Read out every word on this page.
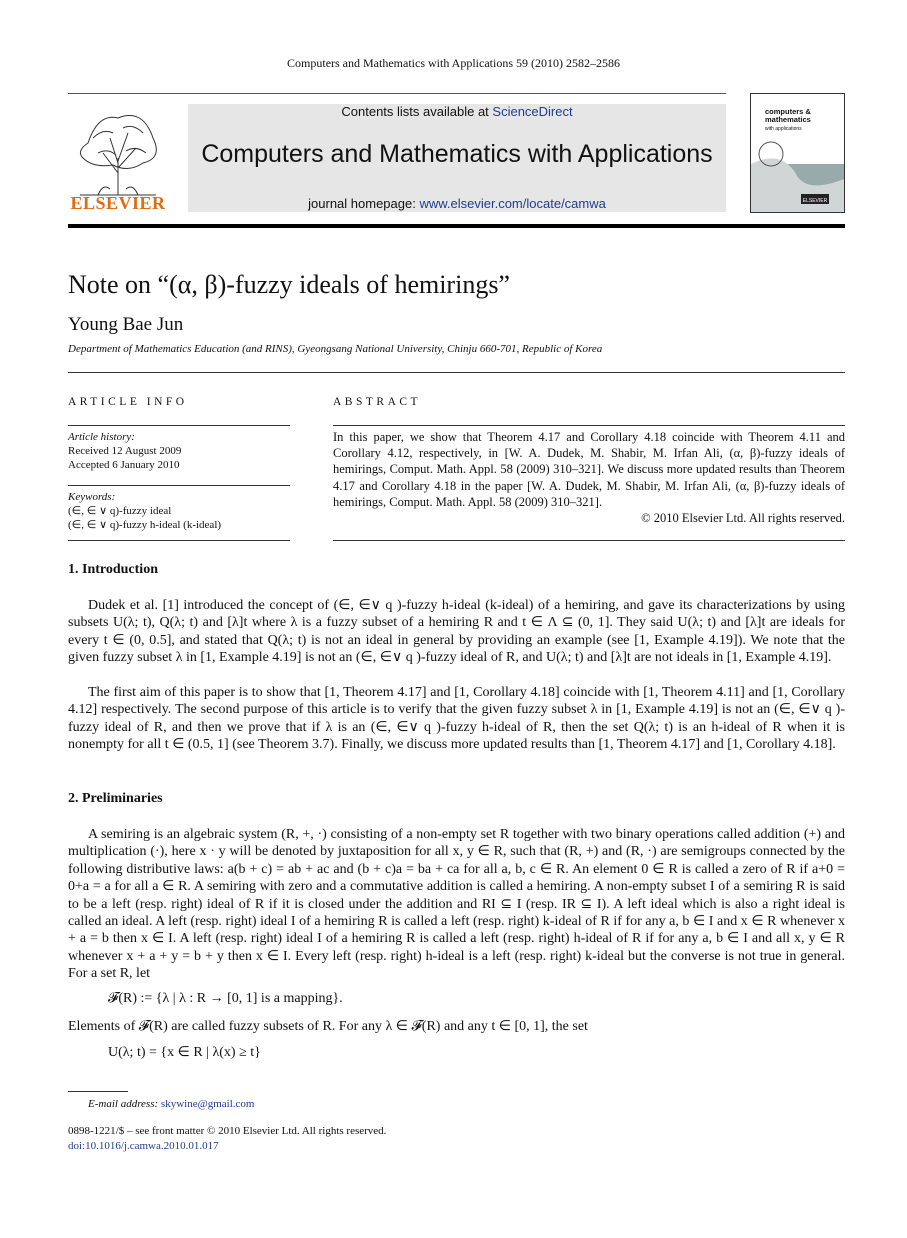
Computers and Mathematics with Applications 59 (2010) 2582–2586
ELSEVIER
Contents lists available at ScienceDirect
Computers and Mathematics with Applications
journal homepage: www.elsevier.com/locate/camwa	ELSEVIER
computers & mathematics
with applications
Note on “(α, β)-fuzzy ideals of hemirings”
Young Bae Jun
Department of Mathematics Education (and RINS), Gyeongsang National University, Chinju 660-701, Republic of Korea
ARTICLE INFO	ABSTRACT
Article history:
Received 12 August 2009
Accepted 6 January 2010
Keywords:
(∈, ∈ ∨ q)-fuzzy ideal
(∈, ∈ ∨ q)-fuzzy h-ideal (k-ideal)
In this paper, we show that Theorem 4.17 and Corollary 4.18 coincide with Theorem 4.11 and Corollary 4.12, respectively, in [W. A. Dudek, M. Shabir, M. Irfan Ali, (α, β)-fuzzy ideals of hemirings, Comput. Math. Appl. 58 (2009) 310–321]. We discuss more updated results than Theorem 4.17 and Corollary 4.18 in the paper [W. A. Dudek, M. Shabir, M. Irfan Ali, (α, β)-fuzzy ideals of hemirings, Comput. Math. Appl. 58 (2009) 310–321].
© 2010 Elsevier Ltd. All rights reserved.
1. Introduction
Dudek et al. [1] introduced the concept of (∈, ∈∨ q )-fuzzy h-ideal (k-ideal) of a hemiring, and gave its characterizations by using subsets U(λ; t), Q(λ; t) and [λ]t where λ is a fuzzy subset of a hemiring R and t ∈ Λ ⊆ (0, 1]. They said U(λ; t) and [λ]t are ideals for every t ∈ (0, 0.5], and stated that Q(λ; t) is not an ideal in general by providing an example (see [1, Example 4.19]). We note that the given fuzzy subset λ in [1, Example 4.19] is not an (∈, ∈∨ q )-fuzzy ideal of R, and U(λ; t) and [λ]t are not ideals in [1, Example 4.19].
The first aim of this paper is to show that [1, Theorem 4.17] and [1, Corollary 4.18] coincide with [1, Theorem 4.11] and [1, Corollary 4.12] respectively. The second purpose of this article is to verify that the given fuzzy subset λ in [1, Example 4.19] is not an (∈, ∈∨ q )-fuzzy ideal of R, and then we prove that if λ is an (∈, ∈∨ q )-fuzzy h-ideal of R, then the set Q(λ; t) is an h-ideal of R when it is nonempty for all t ∈ (0.5, 1] (see Theorem 3.7). Finally, we discuss more updated results than [1, Theorem 4.17] and [1, Corollary 4.18].
2. Preliminaries
A semiring is an algebraic system (R, +, ·) consisting of a non-empty set R together with two binary operations called addition (+) and multiplication (·), here x · y will be denoted by juxtaposition for all x, y ∈ R, such that (R, +) and (R, ·) are semigroups connected by the following distributive laws: a(b + c) = ab + ac and (b + c)a = ba + ca for all a, b, c ∈ R. An element 0 ∈ R is called a zero of R if a+0 = 0+a = a for all a ∈ R. A semiring with zero and a commutative addition is called a hemiring. A non-empty subset I of a semiring R is said to be a left (resp. right) ideal of R if it is closed under the addition and RI ⊆ I (resp. IR ⊆ I). A left ideal which is also a right ideal is called an ideal. A left (resp. right) ideal I of a hemiring R is called a left (resp. right) k-ideal of R if for any a, b ∈ I and x ∈ R whenever x + a = b then x ∈ I. A left (resp. right) ideal I of a hemiring R is called a left (resp. right) h-ideal of R if for any a, b ∈ I and all x, y ∈ R whenever x + a + y = b + y then x ∈ I. Every left (resp. right) h-ideal is a left (resp. right) k-ideal but the converse is not true in general. For a set R, let
𝓕(R) := {λ | λ : R → [0, 1] is a mapping}.
Elements of 𝓕(R) are called fuzzy subsets of R. For any λ ∈ 𝓕(R) and any t ∈ [0, 1], the set
U(λ; t) = {x ∈ R | λ(x) ≥ t}
E-mail address: skywine@gmail.com
0898-1221/$ – see front matter © 2010 Elsevier Ltd. All rights reserved.
doi:10.1016/j.camwa.2010.01.017
